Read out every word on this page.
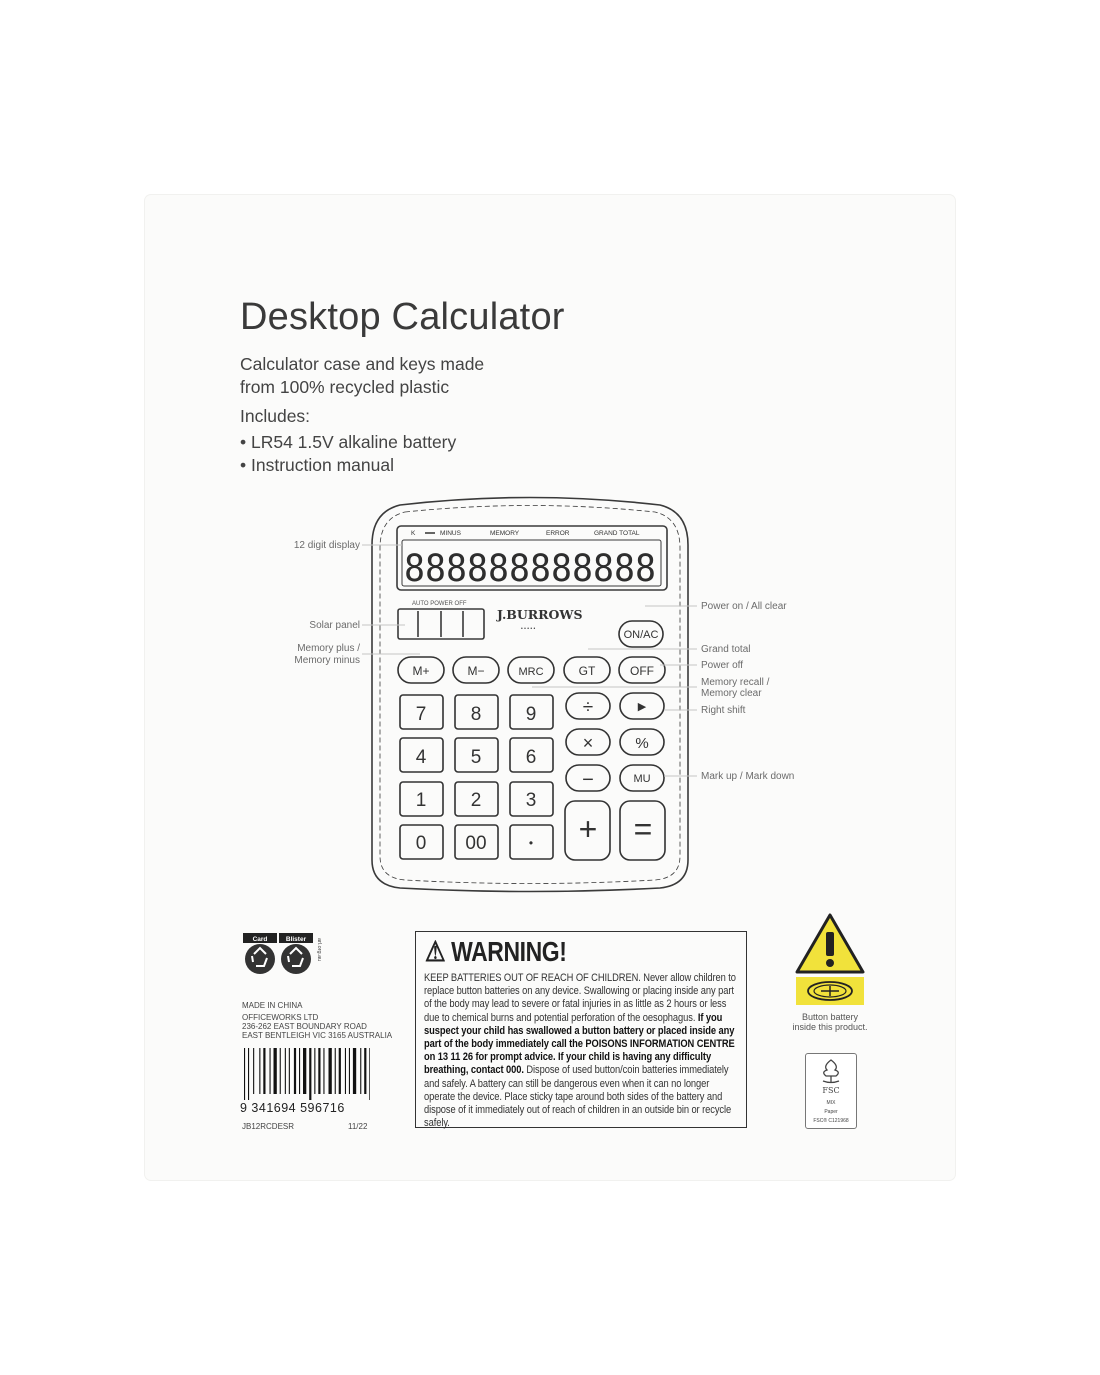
Desktop Calculator
Calculator case and keys made
from 100% recycled plastic
Includes:
• LR54 1.5V alkaline battery
• Instruction manual
K	MINUS	MEMORY	ERROR	GRAND TOTAL
888888888888
AUTO POWER OFF
J.BURROWS
• • • • •	ON/AC
M+	M−	MRC	GT	OFF
7 8 9 ÷	▶
4 5 6
×	%
1 2 3
−	MU
0 00	• + =
12 digit display
Solar panel
Memory plus /
Memory minus
Power on / All clear
Grand total
Power off
Memory recall /
Memory clear
Right shift
Mark up / Mark down
Card	Blister arl.org.au
MADE IN CHINA
OFFICEWORKS LTD
236-262 EAST BOUNDARY ROAD
EAST BENTLEIGH VIC 3165 AUSTRALIA
9 341694 596716
JB12RCDESR	11/22
⚠ WARNING!
KEEP BATTERIES OUT OF REACH OF CHILDREN. Never allow children to replace button batteries on any device. Swallowing or placing inside any part of the body may lead to severe or fatal injuries in as little as 2 hours or less due to chemical burns and potential perforation of the oesophagus. If you suspect your child has swallowed a button battery or placed inside any part of the body immediately call the POISONS INFORMATION CENTRE on 13 11 26 for prompt advice. If your child is having any difficulty breathing, contact 000. Dispose of used button/coin batteries immediately and safely. A battery can still be dangerous even when it can no longer operate the device. Place sticky tape around both sides of the battery and dispose of it immediately out of reach of children in an outside bin or recycle safely.
Button battery inside this product.
FSC
MIX
Paper
FSC® C121968
